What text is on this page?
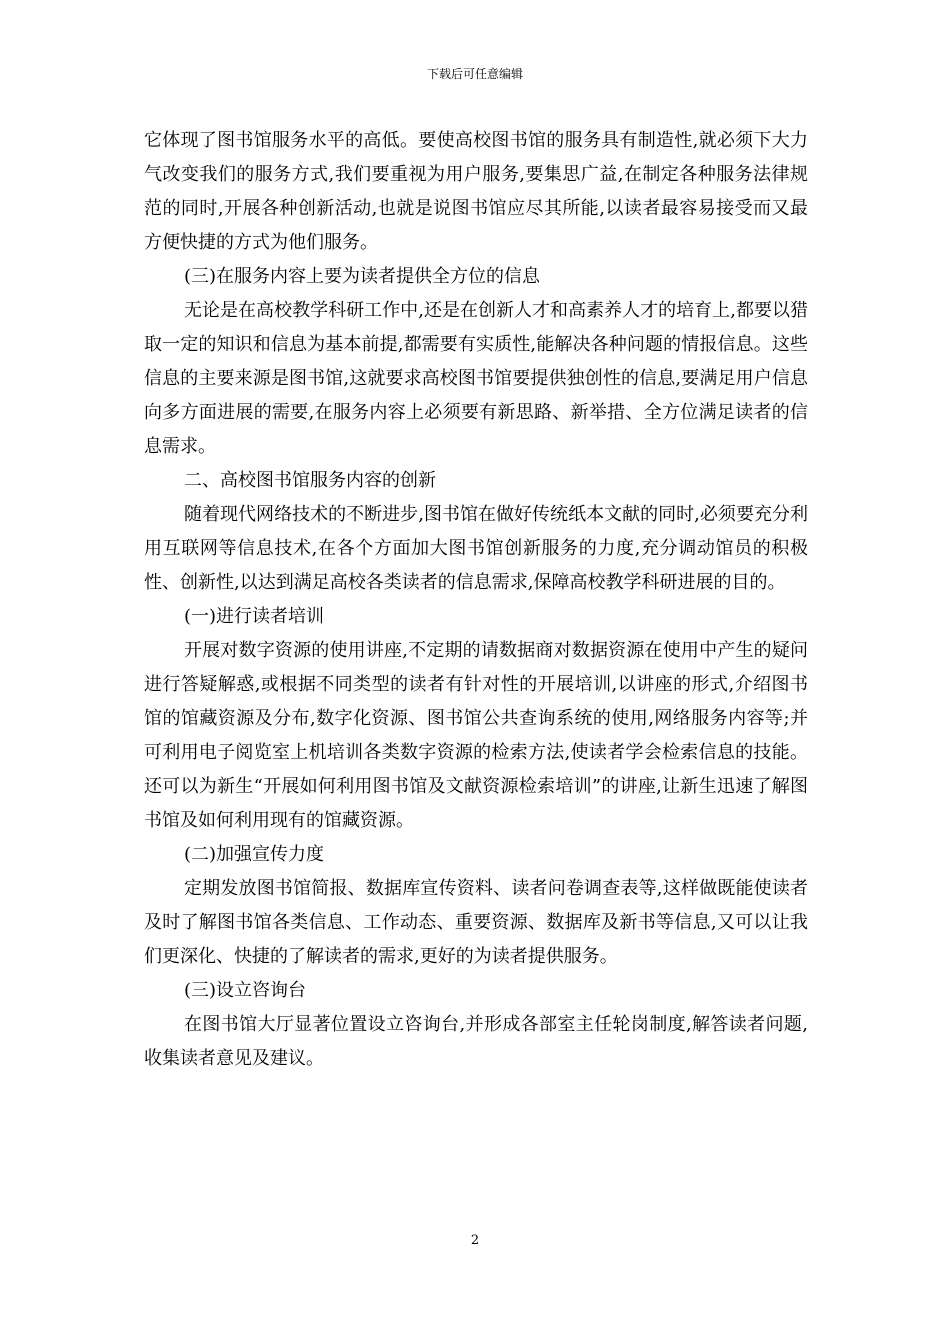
下载后可任意编辑

它体现了图书馆服务水平的高低。要使高校图书馆的服务具有制造性,就必须下大力气改变我们的服务方式,我们要重视为用户服务,要集思广益,在制定各种服务法律规范的同时,开展各种创新活动,也就是说图书馆应尽其所能,以读者最容易接受而又最方便快捷的方式为他们服务。

(三)在服务内容上要为读者提供全方位的信息

无论是在高校教学科研工作中,还是在创新人才和高素养人才的培育上,都要以猎取一定的知识和信息为基本前提,都需要有实质性,能解决各种问题的情报信息。这些信息的主要来源是图书馆,这就要求高校图书馆要提供独创性的信息,要满足用户信息向多方面进展的需要,在服务内容上必须要有新思路、新举措、全方位满足读者的信息需求。

二、高校图书馆服务内容的创新

随着现代网络技术的不断进步,图书馆在做好传统纸本文献的同时,必须要充分利用互联网等信息技术,在各个方面加大图书馆创新服务的力度,充分调动馆员的积极性、创新性,以达到满足高校各类读者的信息需求,保障高校教学科研进展的目的。

(一)进行读者培训

开展对数字资源的使用讲座,不定期的请数据商对数据资源在使用中产生的疑问进行答疑解惑,或根据不同类型的读者有针对性的开展培训,以讲座的形式,介绍图书馆的馆藏资源及分布,数字化资源、图书馆公共查询系统的使用,网络服务内容等;并可利用电子阅览室上机培训各类数字资源的检索方法,使读者学会检索信息的技能。还可以为新生“开展如何利用图书馆及文献资源检索培训”的讲座,让新生迅速了解图书馆及如何利用现有的馆藏资源。

(二)加强宣传力度

定期发放图书馆简报、数据库宣传资料、读者问卷调查表等,这样做既能使读者及时了解图书馆各类信息、工作动态、重要资源、数据库及新书等信息,又可以让我们更深化、快捷的了解读者的需求,更好的为读者提供服务。

(三)设立咨询台

在图书馆大厅显著位置设立咨询台,并形成各部室主任轮岗制度,解答读者问题,收集读者意见及建议。

2
